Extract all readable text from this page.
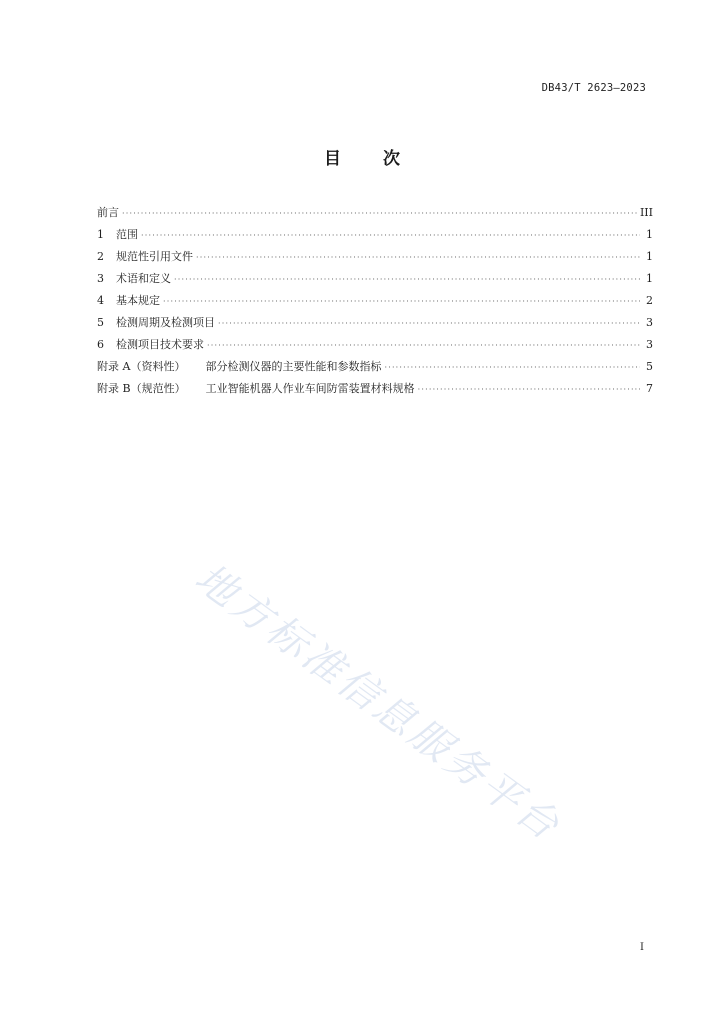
DB43/T 2623—2023
目 次
前言 ·····	III
1	范围 ·····	1
2	规范性引用文件 ·····	1
3	术语和定义 ·····	1
4	基本规定 ·····	2
5	检测周期及检测项目 ·····	3
6	检测项目技术要求 ·····	3
附录 A（资料性） 部分检测仪器的主要性能和参数指标 ·····	5
附录 B（规范性） 工业智能机器人作业车间防雷装置材料规格 ·····	7
地方标准信息服务平台
I
